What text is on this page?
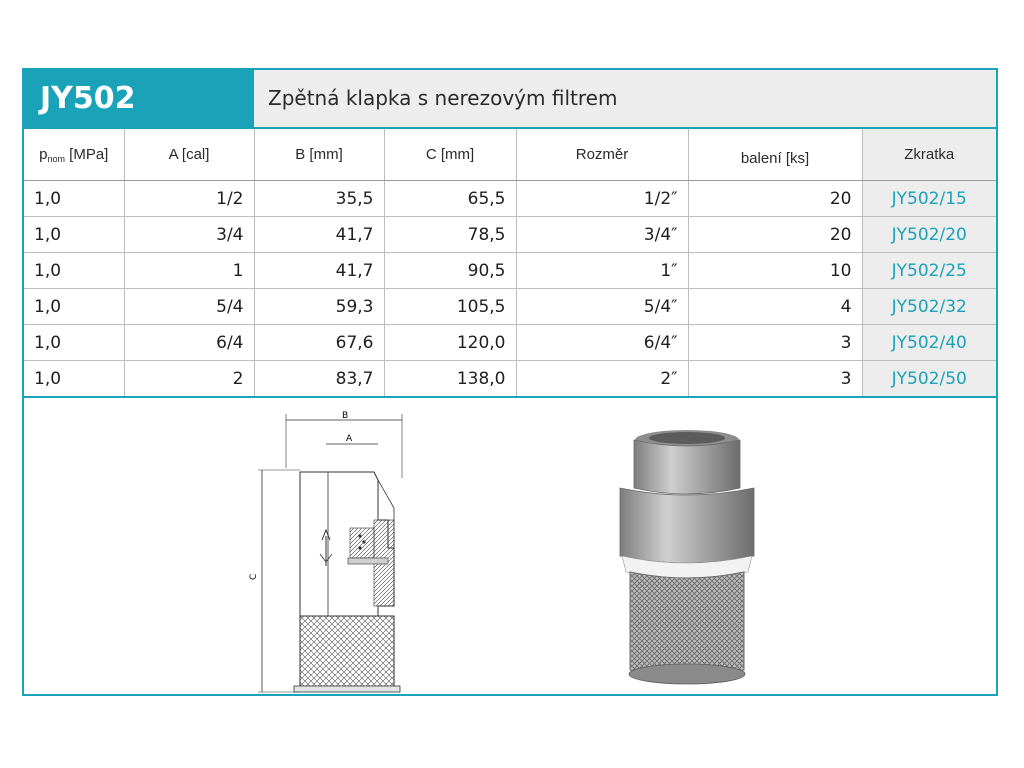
JY502	Zpětná klapka s nerezovým filtrem
$p_{nom}$ [MPa]	A [cal]	B [mm]	C [mm]	Rozměr	balení [ks]	Zkratka
1,0	1/2	35,5	65,5	1/2″	20	JY502/15
1,0	3/4	41,7	78,5	3/4″	20	JY502/20
1,0	1	41,7	90,5	1″	10	JY502/25
1,0	5/4	59,3	105,5	5/4″	4	JY502/32
1,0	6/4	67,6	120,0	6/4″	3	JY502/40
1,0	2	83,7	138,0	2″	3	JY502/50
B
A
C
